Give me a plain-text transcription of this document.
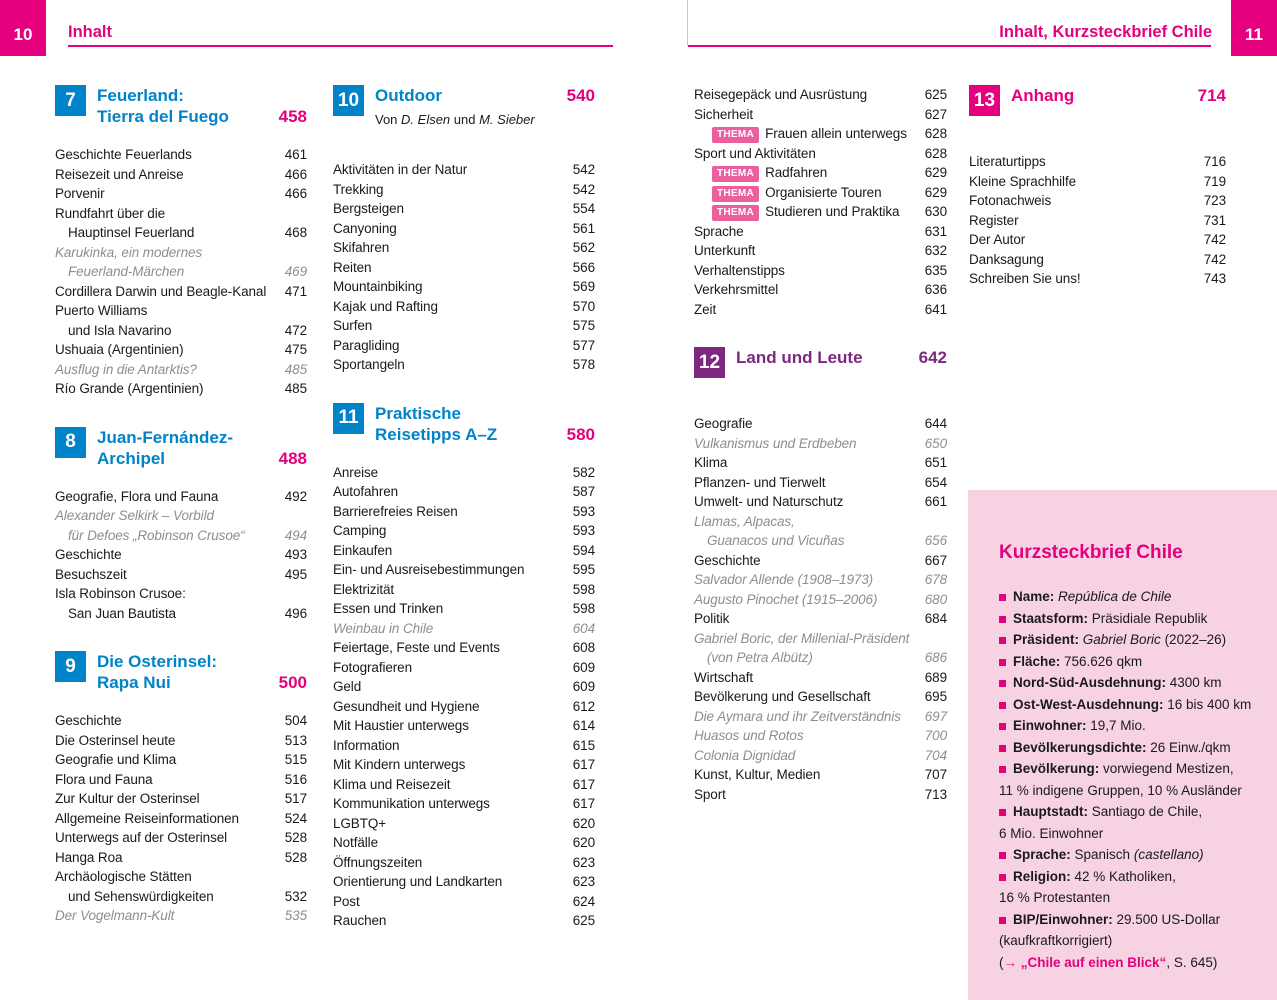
10 Inhalt
7	Feuerland:
Tierra del Fuego	458
Geschichte Feuerlands	461
Reisezeit und Anreise	466
Porvenir	466
Rundfahrt über die
Hauptinsel Feuerland	468
Karukinka, ein modernes
Feuerland-Märchen	469
Cordillera Darwin und Beagle-Kanal 471
Puerto Williams
und Isla Navarino	472
Ushuaia (Argentinien)	475
Ausflug in die Antarktis?	485
Río Grande (Argentinien)	485
8	Juan-Fernández-
Archipel	488
Geografie, Flora und Fauna	492
Alexander Selkirk – Vorbild
für Defoes „Robinson Crusoe“	494
Geschichte	493
Besuchszeit	495
Isla Robinson Crusoe:
San Juan Bautista	496
9	Die Osterinsel:
Rapa Nui	500
Geschichte	504
Die Osterinsel heute	513
Geografie und Klima	515
Flora und Fauna	516
Zur Kultur der Osterinsel	517
Allgemeine Reiseinformationen	524
Unterwegs auf der Osterinsel	528
Hanga Roa	528
Archäologische Stätten
und Sehenswürdigkeiten	532
Der Vogelmann-Kult	535
10 Outdoor	540
Von D. Elsen und M. Sieber
Aktivitäten in der Natur	542
Trekking	542
Bergsteigen	554
Canyoning	561
Skifahren	562
Reiten	566
Mountainbiking	569
Kajak und Rafting	570
Surfen	575
Paragliding	577
Sportangeln	578
11 Praktische
Reisetipps A–Z	580
Anreise	582
Autofahren	587
Barrierefreies Reisen	593
Camping	593
Einkaufen	594
Ein- und Ausreisebestimmungen	595
Elektrizität	598
Essen und Trinken	598
Weinbau in Chile	604
Feiertage, Feste und Events	608
Fotografieren	609
Geld	609
Gesundheit und Hygiene	612
Mit Haustier unterwegs	614
Information	615
Mit Kindern unterwegs	617
Klima und Reisezeit	617
Kommunikation unterwegs	617
LGBTQ+	620
Notfälle	620
Öffnungszeiten	623
Orientierung und Landkarten	623
Post	624
Rauchen	625
11
Inhalt, Kurzsteckbrief Chile
Reisegepäck und Ausrüstung	625
Sicherheit	627
THEMA Frauen allein unterwegs 628
Sport und Aktivitäten	628
THEMA Radfahren	629
THEMA Organisierte Touren	629
THEMA Studieren und Praktika 630
Sprache	631
Unterkunft	632
Verhaltenstipps	635
Verkehrsmittel	636
Zeit	641
12 Land und Leute	642
Geografie	644
Vulkanismus und Erdbeben	650
Klima	651
Pflanzen- und Tierwelt	654
Umwelt- und Naturschutz	661
Llamas, Alpacas,
Guanacos und Vicuñas	656
Geschichte	667
Salvador Allende (1908–1973)	678
Augusto Pinochet (1915–2006)	680
Politik	684
Gabriel Boric, der Millenial-Präsident
(von Petra Albütz)	686
Wirtschaft	689
Bevölkerung und Gesellschaft	695
Die Aymara und ihr Zeitverständnis 697
Huasos und Rotos	700
Colonia Dignidad	704
Kunst, Kultur, Medien	707
Sport	713
13 Anhang	714
Literaturtipps	716
Kleine Sprachhilfe	719
Fotonachweis	723
Register	731
Der Autor	742
Danksagung	742
Schreiben Sie uns!	743
Kurzsteckbrief Chile
Name: República de Chile
Staatsform: Präsidiale Republik
Präsident: Gabriel Boric (2022–26)
Fläche: 756.626 qkm
Nord-Süd-Ausdehnung: 4300 km
Ost-West-Ausdehnung: 16 bis 400 km
Einwohner: 19,7 Mio.
Bevölkerungsdichte: 26 Einw./qkm
Bevölkerung: vorwiegend Mestizen,
11 % indigene Gruppen, 10 % Ausländer
Hauptstadt: Santiago de Chile,
6 Mio. Einwohner
Sprache: Spanisch (castellano)
Religion: 42 % Katholiken,
16 % Protestanten
BIP/Einwohner: 29.500 US-Dollar
(kaufkraftkorrigiert)
(→ „Chile auf einen Blick“, S. 645)
